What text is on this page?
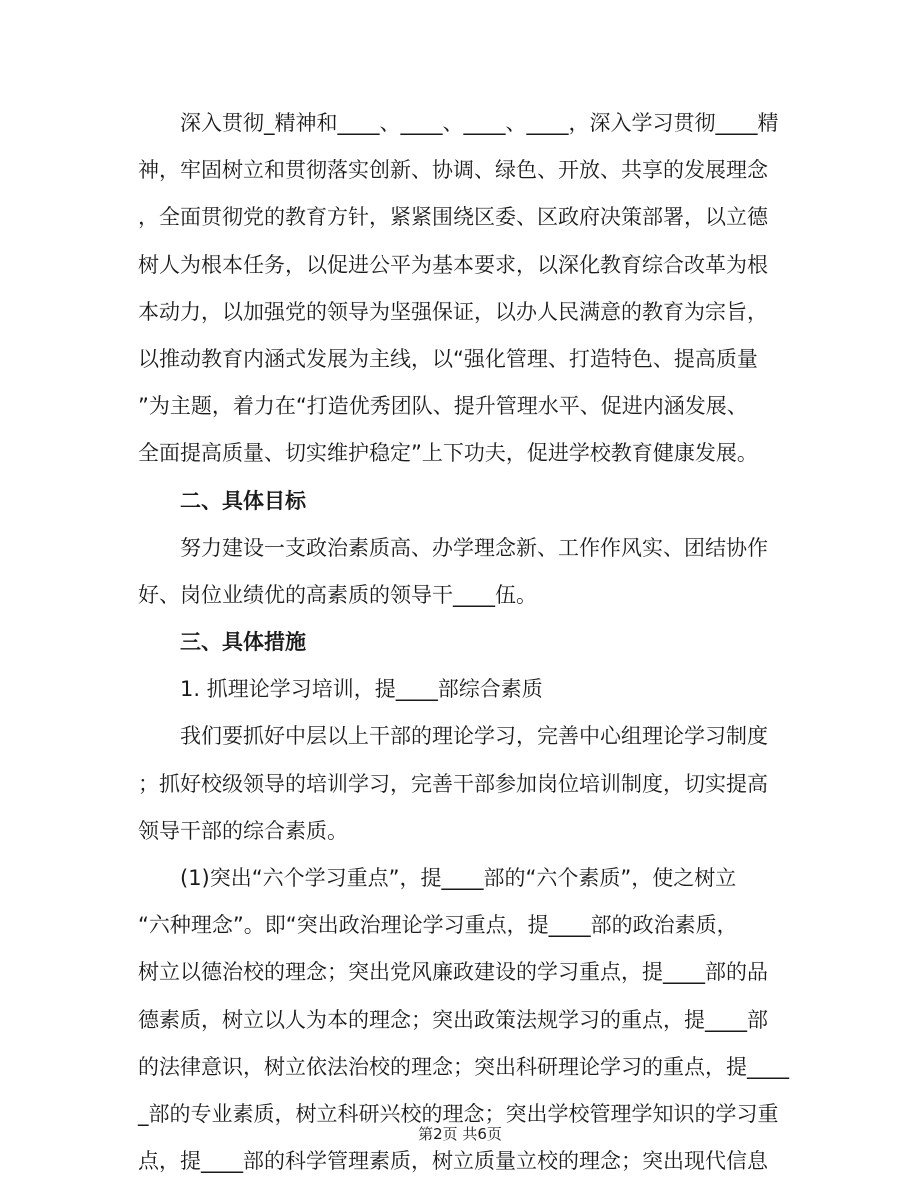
　　深入贯彻_精神和____、____、____、____，深入学习贯彻____精
神，牢固树立和贯彻落实创新、协调、绿色、开放、共享的发展理念
，全面贯彻党的教育方针，紧紧围绕区委、区政府决策部署，以立德
树人为根本任务，以促进公平为基本要求，以深化教育综合改革为根
本动力，以加强党的领导为坚强保证，以办人民满意的教育为宗旨，
以推动教育内涵式发展为主线，以“强化管理、打造特色、提高质量
”为主题，着力在“打造优秀团队、提升管理水平、促进内涵发展、
全面提高质量、切实维护稳定”上下功夫，促进学校教育健康发展。
　　二、具体目标
　　努力建设一支政治素质高、办学理念新、工作作风实、团结协作
好、岗位业绩优的高素质的领导干____伍。
　　三、具体措施
　　1. 抓理论学习培训，提____部综合素质
　　我们要抓好中层以上干部的理论学习，完善中心组理论学习制度
；抓好校级领导的培训学习，完善干部参加岗位培训制度，切实提高
领导干部的综合素质。
　　(1)突出“六个学习重点”，提____部的“六个素质”，使之树立
“六种理念”。即“突出政治理论学习重点，提____部的政治素质，
树立以德治校的理念；突出党风廉政建设的学习重点，提____部的品
德素质，树立以人为本的理念；突出政策法规学习的重点，提____部
的法律意识，树立依法治校的理念；突出科研理论学习的重点，提____
_部的专业素质，树立科研兴校的理念；突出学校管理学知识的学习重
点，提____部的科学管理素质，树立质量立校的理念；突出现代信息
第2页 共6页
